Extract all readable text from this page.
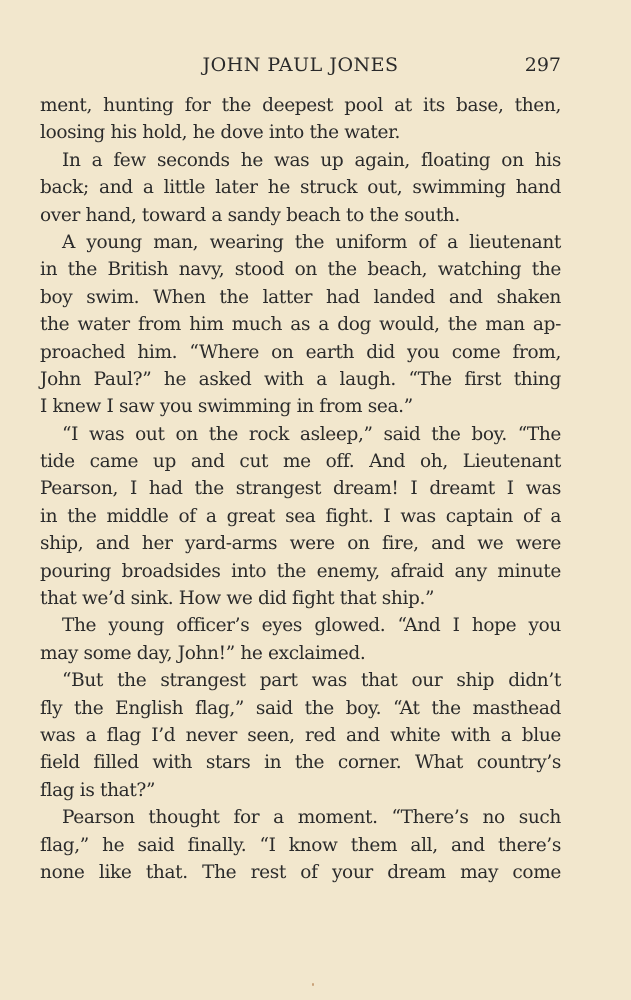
JOHN PAUL JONES	297
ment, hunting for the deepest pool at its base, then,
loosing his hold, he dove into the water.
In a few seconds he was up again, floating on his
back; and a little later he struck out, swimming hand
over hand, toward a sandy beach to the south.
A young man, wearing the uniform of a lieutenant
in the British navy, stood on the beach, watching the
boy swim. When the latter had landed and shaken
the water from him much as a dog would, the man ap-
proached him. “Where on earth did you come from,
John Paul?” he asked with a laugh. “The first thing
I knew I saw you swimming in from sea.”
“I was out on the rock asleep,” said the boy. “The
tide came up and cut me off. And oh, Lieutenant
Pearson, I had the strangest dream! I dreamt I was
in the middle of a great sea fight. I was captain of a
ship, and her yard-arms were on fire, and we were
pouring broadsides into the enemy, afraid any minute
that we’d sink. How we did fight that ship.”
The young officer’s eyes glowed. “And I hope you
may some day, John!” he exclaimed.
“But the strangest part was that our ship didn’t
fly the English flag,” said the boy. “At the masthead
was a flag I’d never seen, red and white with a blue
field filled with stars in the corner. What country’s
flag is that?”
Pearson thought for a moment. “There’s no such
flag,” he said finally. “I know them all, and there’s
none like that. The rest of your dream may come
